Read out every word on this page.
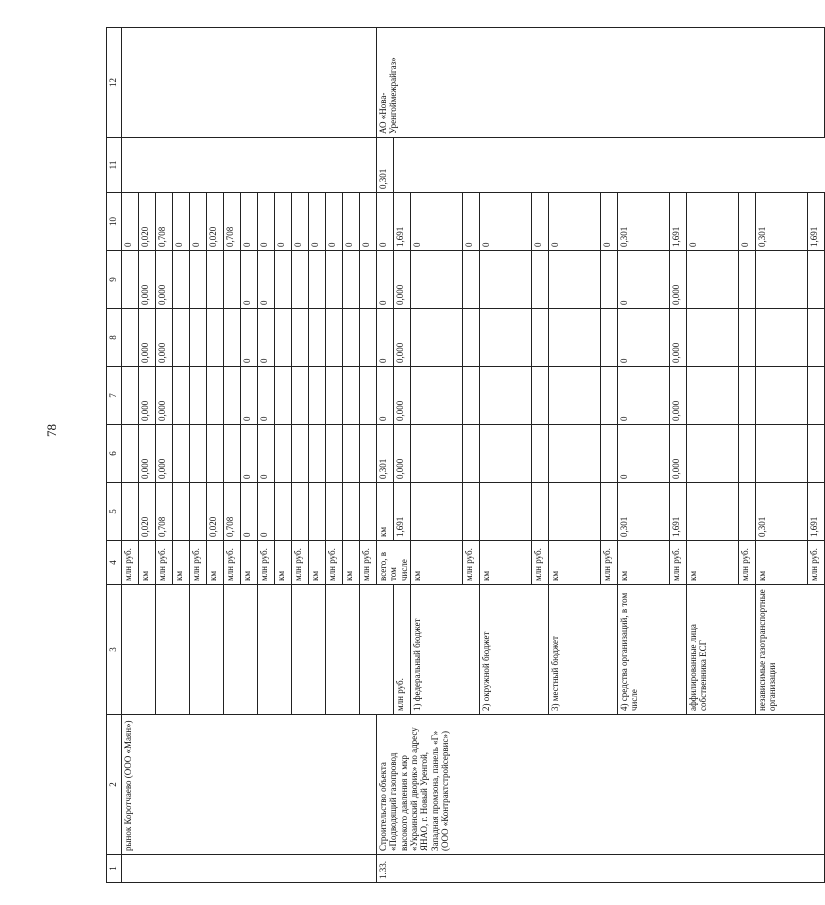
78
1	2	3	4	5	6	7	8	9	10	11	12	
	рынок Коротчаево (ООО «Маян»)		млн руб.						0			
			км	0,020	0,000	0,000	0,000	0,000	0,020			
			млн руб.	0,708	0,000	0,000	0,000	0,000	0,708			
			км						0			
			млн руб.						0			
			км	0,020					0,020			
			млн руб.	0,708					0,708			
			км	0	0	0	0	0	0			
			млн руб.	0	0	0	0	0	0			
			км						0			
			млн руб.						0			
			км						0			
			млн руб.						0			
			км						0			
			млн руб.						0			
1.33.	Строительство объекта «Подводящий газопровод высокого давления к мкр «Украинский дворик» по адресу ЯНАО, г. Новый Уренгой, Западная промзона, панель «Г» (ООО «Контрактстройсервис»)		всего, в том числе	км	0,301	0	0	0	0	0,301	АО «Нова-Уренгоймежрайгаз»	
		млн руб.		1,691	0,000	0,000	0,000	0,000	1,691			
		1) федеральный бюджет	км						0			
			млн руб.						0			
		2) окружной бюджет	км						0			
			млн руб.						0			
		3) местный бюджет	км						0			
			млн руб.						0			
		4) средства организаций, в том числе	км	0,301	0	0	0	0	0,301			
			млн руб.	1,691	0,000	0,000	0,000	0,000	1,691			
		аффилированные лица собственника ЕСГ	км						0			
			млн руб.						0			
		независимые газотранспортные организации	км	0,301					0,301			
			млн руб.	1,691					1,691			
